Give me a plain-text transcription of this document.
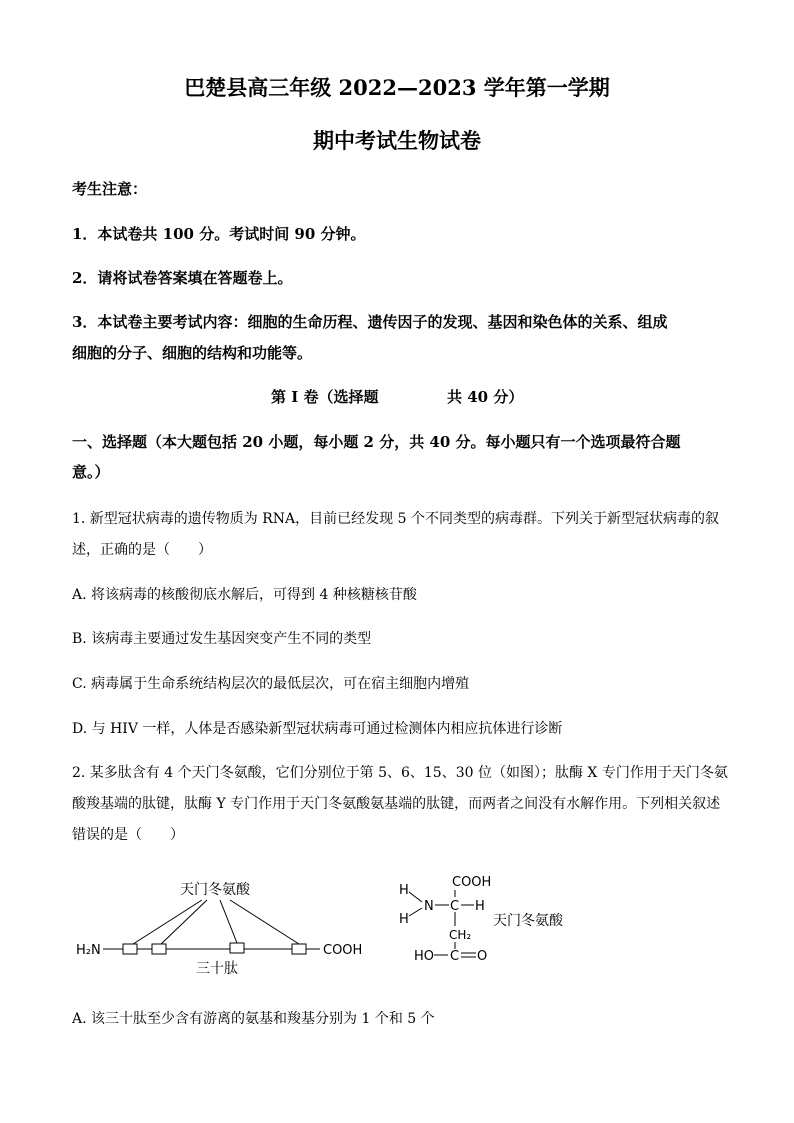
巴楚县高三年级 2022—2023 学年第一学期
期中考试生物试卷
考生注意：
1．本试卷共 100 分。考试时间 90 分钟。
2．请将试卷答案填在答题卷上。
3．本试卷主要考试内容：细胞的生命历程、遗传因子的发现、基因和染色体的关系、组成
细胞的分子、细胞的结构和功能等。
第 I 卷（选择题	共 40 分）
一、选择题（本大题包括 20 小题，每小题 2 分，共 40 分。每小题只有一个选项最符合题
意。）
1. 新型冠状病毒的遗传物质为 RNA，目前已经发现 5 个不同类型的病毒群。下列关于新型冠状病毒的叙
述，正确的是（　　）
A. 将该病毒的核酸彻底水解后，可得到 4 种核糖核苷酸
B. 该病毒主要通过发生基因突变产生不同的类型
C. 病毒属于生命系统结构层次的最低层次，可在宿主细胞内增殖
D. 与 HIV 一样，人体是否感染新型冠状病毒可通过检测体内相应抗体进行诊断
2. 某多肽含有 4 个天门冬氨酸，它们分别位于第 5、6、15、30 位（如图）；肽酶 X 专门作用于天门冬氨
酸羧基端的肽键，肽酶 Y 专门作用于天门冬氨酸氨基端的肽键，而两者之间没有水解作用。下列相关叙述
错误的是（　　）
天门冬氨酸
H₂N	COOH
三十肽
H
H
N C
COOH
H
CH₂
HO C O
天门冬氨酸
A. 该三十肽至少含有游离的氨基和羧基分别为 1 个和 5 个
